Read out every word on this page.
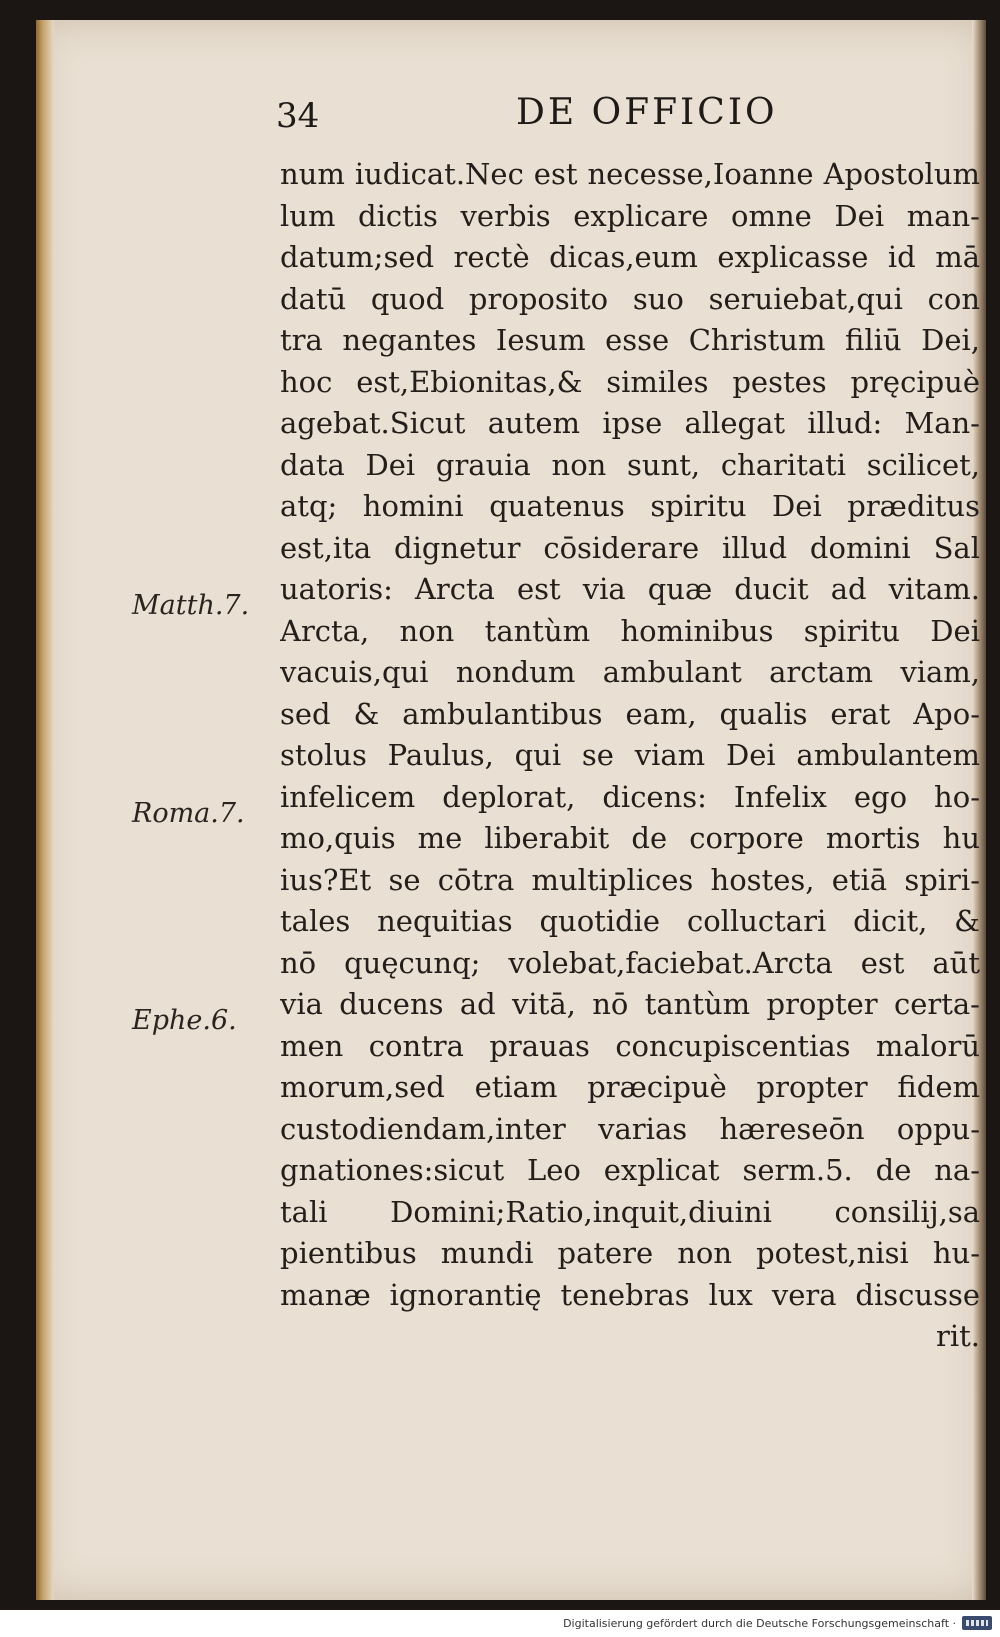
34	DE OFFICIO
num iudicat.Nec est necesse,Ioanne Apostolum
lum dictis verbis explicare omne Dei man-
datum;sed rectè dicas,eum explicasse id mā
datū quod proposito suo seruiebat,qui con
tra negantes Iesum esse Christum filiū Dei,
hoc est,Ebionitas,& similes pestes pręcipuè
agebat.Sicut autem ipse allegat illud: Man-
data Dei grauia non sunt, charitati scilicet,
atq; homini quatenus spiritu Dei præditus
est,ita dignetur cōsiderare illud domini Sal
uatoris: Arcta est via quæ ducit ad vitam.
Arcta, non tantùm hominibus spiritu Dei
vacuis,qui nondum ambulant arctam viam,
sed & ambulantibus eam, qualis erat Apo-
stolus Paulus, qui se viam Dei ambulantem
infelicem deplorat, dicens: Infelix ego ho-
mo,quis me liberabit de corpore mortis hu
ius?Et se cōtra multiplices hostes, etiā spiri-
tales nequitias quotidie colluctari dicit, &
nō quęcunq; volebat,faciebat.Arcta est aūt
via ducens ad vitā, nō tantùm propter certa-
men contra prauas concupiscentias malorū
morum,sed etiam præcipuè propter fidem
custodiendam,inter varias hæreseōn oppu-
gnationes:sicut Leo explicat serm.5. de na-
tali Domini;Ratio,inquit,diuini consilij,sa
pientibus mundi patere non potest,nisi hu-
manæ ignorantię tenebras lux vera discusse
rit.
Matth.7.
Roma.7.
Ephe.6.
Digitalisierung gefördert durch die Deutsche Forschungsgemeinschaft ·
